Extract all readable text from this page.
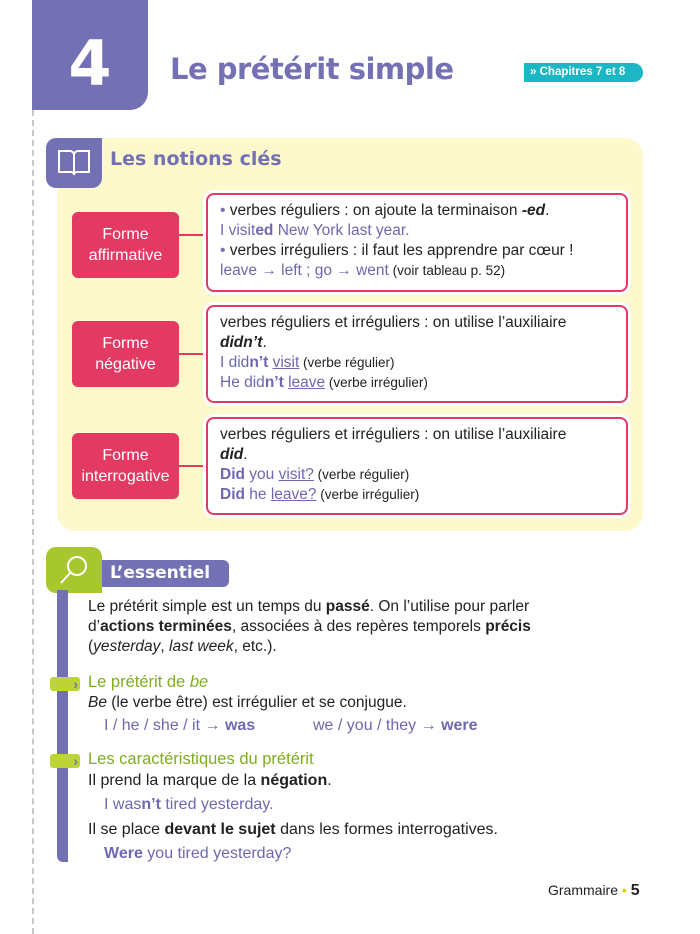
4	Le prétérit simple	» Chapitres 7 et 8
Les notions clés
Forme affirmative
• verbes réguliers : on ajoute la terminaison -ed.
I visited New York last year.
• verbes irréguliers : il faut les apprendre par cœur !
leave → left ; go → went (voir tableau p. 52)
Forme négative
verbes réguliers et irréguliers : on utilise l’auxiliaire
didn’t.
I didn’t visit (verbe régulier)
He didn’t leave (verbe irrégulier)
Forme interrogative
verbes réguliers et irréguliers : on utilise l’auxiliaire
did.
Did you visit? (verbe régulier)
Did he leave? (verbe irrégulier)
L’essentiel
Le prétérit simple est un temps du passé. On l’utilise pour parler
d’actions terminées, associées à des repères temporels précis
(yesterday, last week, etc.).
› Le prétérit de be
Be (le verbe être) est irrégulier et se conjugue.
I / he / she / it → was	we / you / they → were
› Les caractéristiques du prétérit
Il prend la marque de la négation.
I wasn’t tired yesterday.
Il se place devant le sujet dans les formes interrogatives.
Were you tired yesterday?
Grammaire • 5
